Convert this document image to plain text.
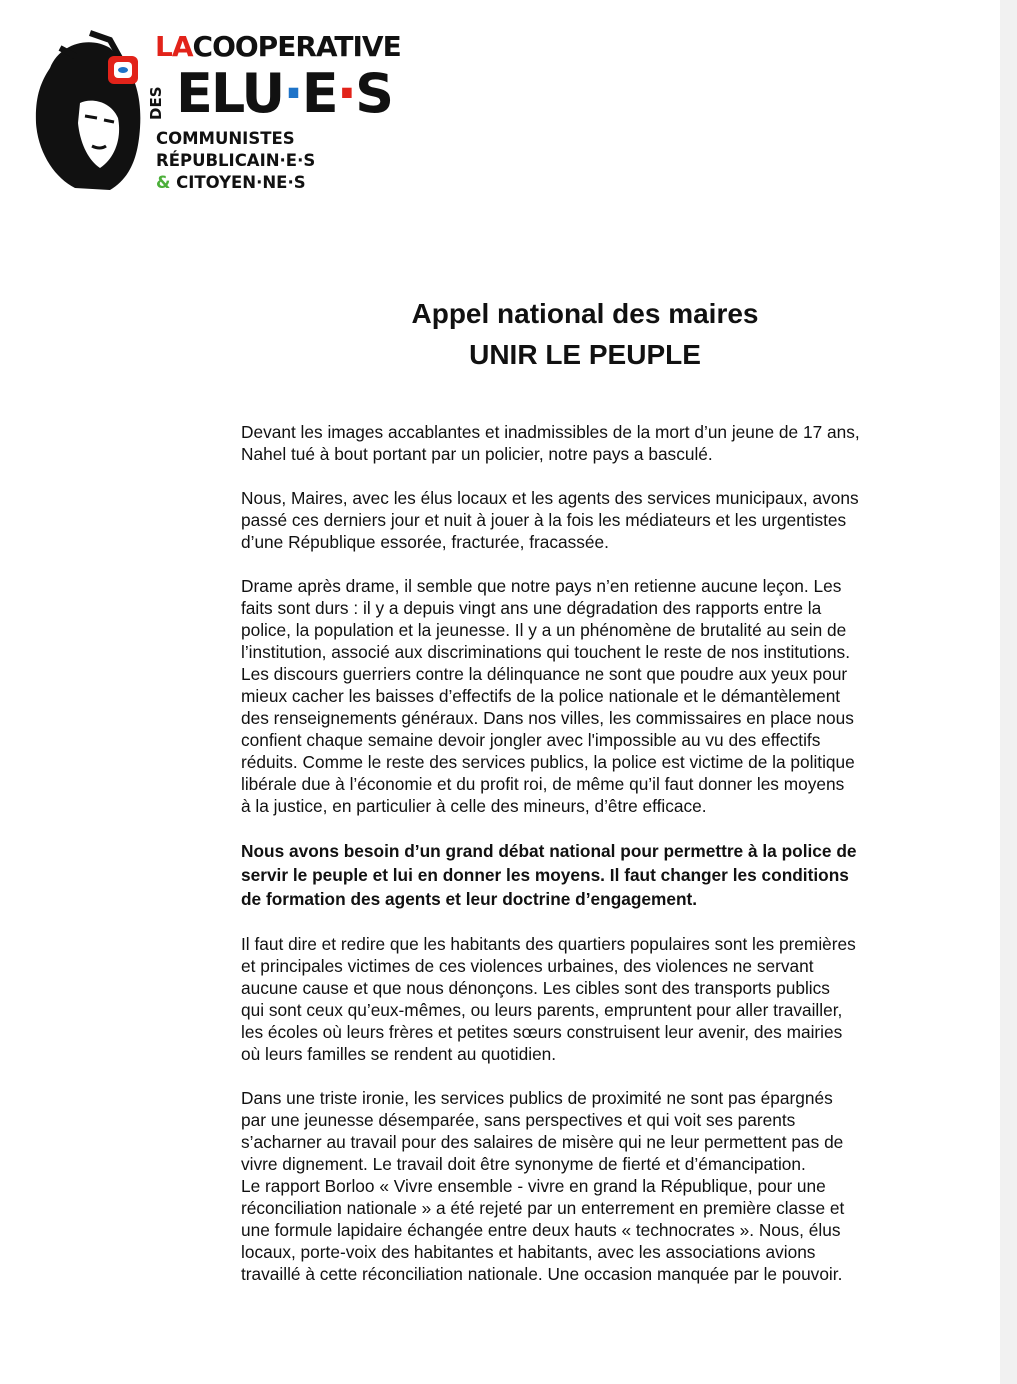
LACOOPERATIVE
DES ELU·E·S
COMMUNISTES
RÉPUBLICAIN·E·S
& CITOYEN·NE·S
Appel national des maires
UNIR LE PEUPLE
Devant les images accablantes et inadmissibles de la mort d’un jeune de 17 ans,
Nahel tué à bout portant par un policier, notre pays a basculé.
Nous, Maires, avec les élus locaux et les agents des services municipaux, avons
passé ces derniers jour et nuit à jouer à la fois les médiateurs et les urgentistes
d’une République essorée, fracturée, fracassée.
Drame après drame, il semble que notre pays n’en retienne aucune leçon. Les
faits sont durs : il y a depuis vingt ans une dégradation des rapports entre la
police, la population et la jeunesse. Il y a un phénomène de brutalité au sein de
l’institution, associé aux discriminations qui touchent le reste de nos institutions.
Les discours guerriers contre la délinquance ne sont que poudre aux yeux pour
mieux cacher les baisses d’effectifs de la police nationale et le démantèlement
des renseignements généraux. Dans nos villes, les commissaires en place nous
confient chaque semaine devoir jongler avec l'impossible au vu des effectifs
réduits. Comme le reste des services publics, la police est victime de la politique
libérale due à l’économie et du profit roi, de même qu’il faut donner les moyens
à la justice, en particulier à celle des mineurs, d’être efficace.
Nous avons besoin d’un grand débat national pour permettre à la police de
servir le peuple et lui en donner les moyens. Il faut changer les conditions
de formation des agents et leur doctrine d’engagement.
Il faut dire et redire que les habitants des quartiers populaires sont les premières
et principales victimes de ces violences urbaines, des violences ne servant
aucune cause et que nous dénonçons. Les cibles sont des transports publics
qui sont ceux qu’eux-mêmes, ou leurs parents, empruntent pour aller travailler,
les écoles où leurs frères et petites sœurs construisent leur avenir, des mairies
où leurs familles se rendent au quotidien.
Dans une triste ironie, les services publics de proximité ne sont pas épargnés
par une jeunesse désemparée, sans perspectives et qui voit ses parents
s’acharner au travail pour des salaires de misère qui ne leur permettent pas de
vivre dignement. Le travail doit être synonyme de fierté et d’émancipation.
Le rapport Borloo « Vivre ensemble - vivre en grand la République, pour une
réconciliation nationale » a été rejeté par un enterrement en première classe et
une formule lapidaire échangée entre deux hauts « technocrates ». Nous, élus
locaux, porte-voix des habitantes et habitants, avec les associations avions
travaillé à cette réconciliation nationale. Une occasion manquée par le pouvoir.
